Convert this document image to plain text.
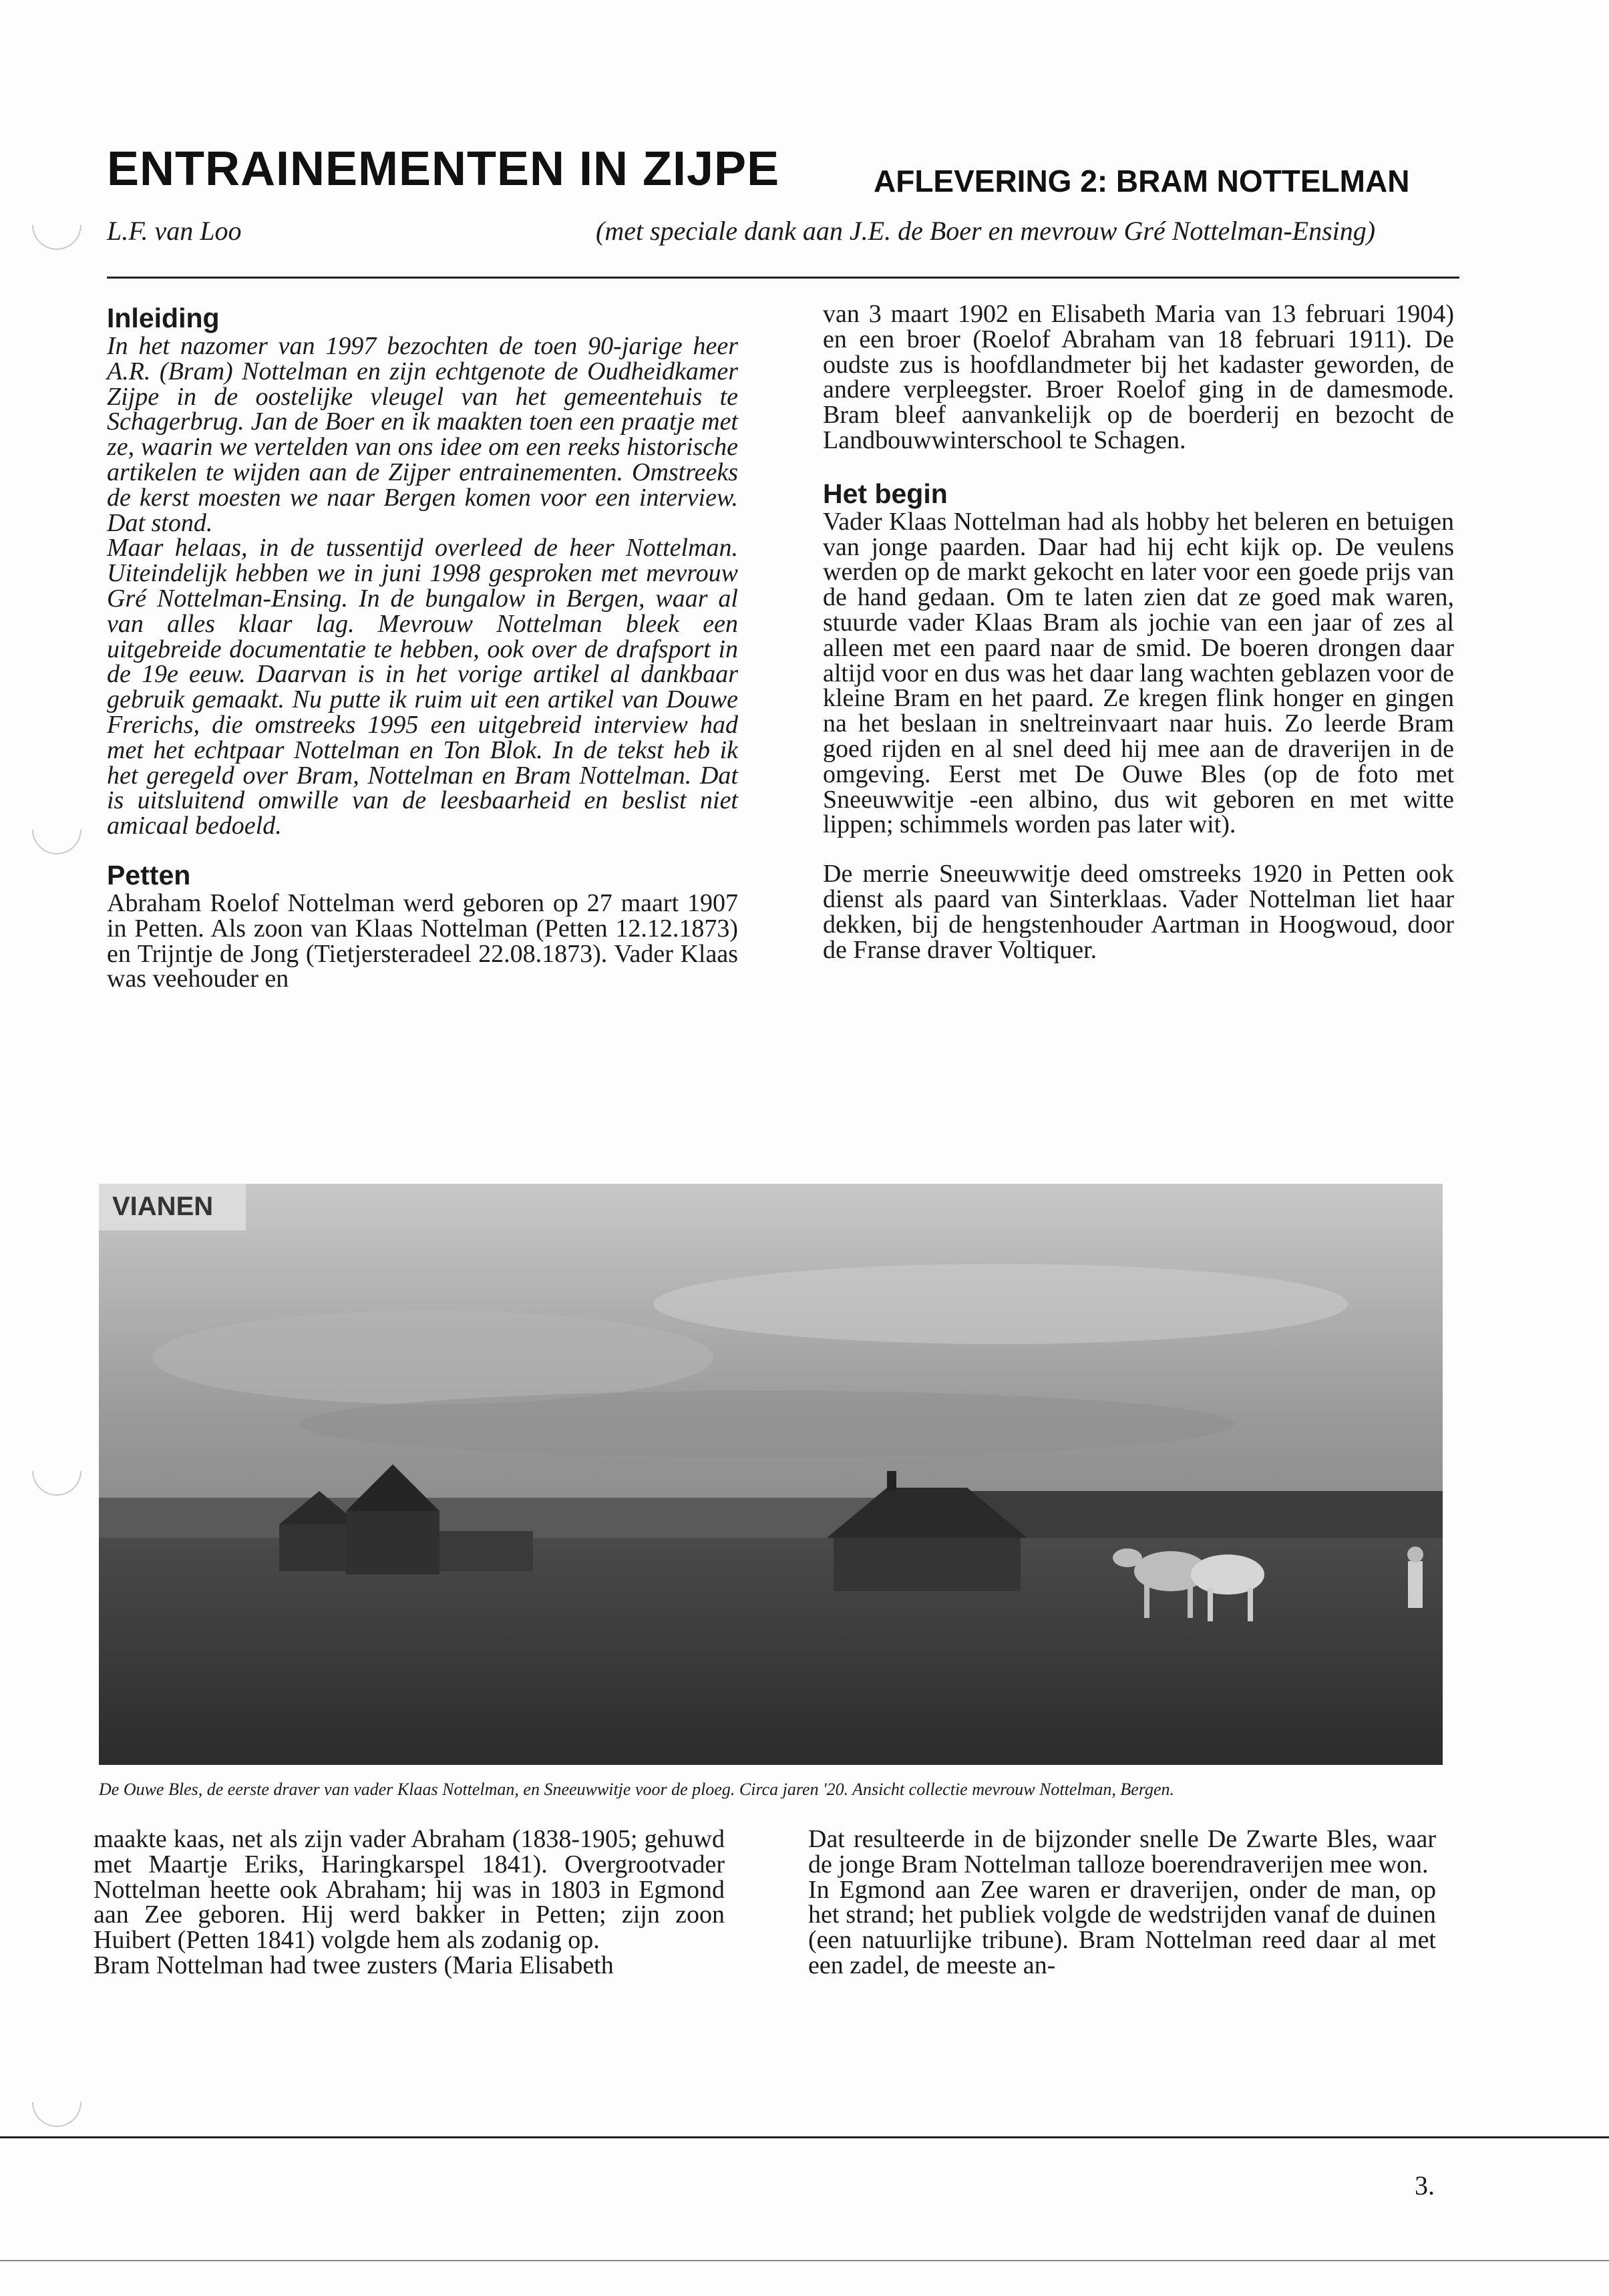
ENTRAINEMENTEN IN ZIJPE	AFLEVERING 2: BRAM NOTTELMAN
L.F. van Loo	(met speciale dank aan J.E. de Boer en mevrouw Gré Nottelman-Ensing)
Inleiding

In het nazomer van 1997 bezochten de toen 90-jarige heer A.R. (Bram) Nottelman en zijn echtgenote de Oudheidkamer Zijpe in de oostelijke vleugel van het gemeentehuis te Schagerbrug. Jan de Boer en ik maakten toen een praatje met ze, waarin we vertelden van ons idee om een reeks historische artikelen te wijden aan de Zijper entrainementen. Omstreeks de kerst moesten we naar Bergen komen voor een interview. Dat stond.

Maar helaas, in de tussentijd overleed de heer Nottelman. Uiteindelijk hebben we in juni 1998 gesproken met mevrouw Gré Nottelman-Ensing. In de bungalow in Bergen, waar al van alles klaar lag. Mevrouw Nottelman bleek een uitgebreide documentatie te hebben, ook over de drafsport in de 19e eeuw. Daarvan is in het vorige artikel al dankbaar gebruik gemaakt. Nu putte ik ruim uit een artikel van Douwe Frerichs, die omstreeks 1995 een uitgebreid interview had met het echtpaar Nottelman en Ton Blok. In de tekst heb ik het geregeld over Bram, Nottelman en Bram Nottelman. Dat is uitsluitend omwille van de leesbaarheid en beslist niet amicaal bedoeld.

Petten

Abraham Roelof Nottelman werd geboren op 27 maart 1907 in Petten. Als zoon van Klaas Nottelman (Petten 12.12.1873) en Trijntje de Jong (Tietjersteradeel 22.08.1873). Vader Klaas was veehouder en

van 3 maart 1902 en Elisabeth Maria van 13 februari 1904) en een broer (Roelof Abraham van 18 februari 1911). De oudste zus is hoofdlandmeter bij het kadaster geworden, de andere verpleegster. Broer Roelof ging in de damesmode. Bram bleef aanvankelijk op de boerderij en bezocht de Landbouwwinterschool te Schagen.

Het begin

Vader Klaas Nottelman had als hobby het beleren en betuigen van jonge paarden. Daar had hij echt kijk op. De veulens werden op de markt gekocht en later voor een goede prijs van de hand gedaan. Om te laten zien dat ze goed mak waren, stuurde vader Klaas Bram als jochie van een jaar of zes al alleen met een paard naar de smid. De boeren drongen daar altijd voor en dus was het daar lang wachten geblazen voor de kleine Bram en het paard. Ze kregen flink honger en gingen na het beslaan in sneltreinvaart naar huis. Zo leerde Bram goed rijden en al snel deed hij mee aan de draverijen in de omgeving. Eerst met De Ouwe Bles (op de foto met Sneeuwwitje -een albino, dus wit geboren en met witte lippen; schimmels worden pas later wit).

De merrie Sneeuwwitje deed omstreeks 1920 in Petten ook dienst als paard van Sinterklaas. Vader Nottelman liet haar dekken, bij de hengstenhouder Aartman in Hoogwoud, door de Franse draver Voltiquer.

VIANEN
De Ouwe Bles, de eerste draver van vader Klaas Nottelman, en Sneeuwwitje voor de ploeg. Circa jaren '20. Ansicht collectie mevrouw Nottelman, Bergen.

maakte kaas, net als zijn vader Abraham (1838-1905; gehuwd met Maartje Eriks, Haringkarspel 1841). Overgrootvader Nottelman heette ook Abraham; hij was in 1803 in Egmond aan Zee geboren. Hij werd bakker in Petten; zijn zoon Huibert (Petten 1841) volgde hem als zodanig op.

Bram Nottelman had twee zusters (Maria Elisabeth

Dat resulteerde in de bijzonder snelle De Zwarte Bles, waar de jonge Bram Nottelman talloze boerendraverijen mee won.

In Egmond aan Zee waren er draverijen, onder de man, op het strand; het publiek volgde de wedstrijden vanaf de duinen (een natuurlijke tribune). Bram Nottelman reed daar al met een zadel, de meeste an-

3.
